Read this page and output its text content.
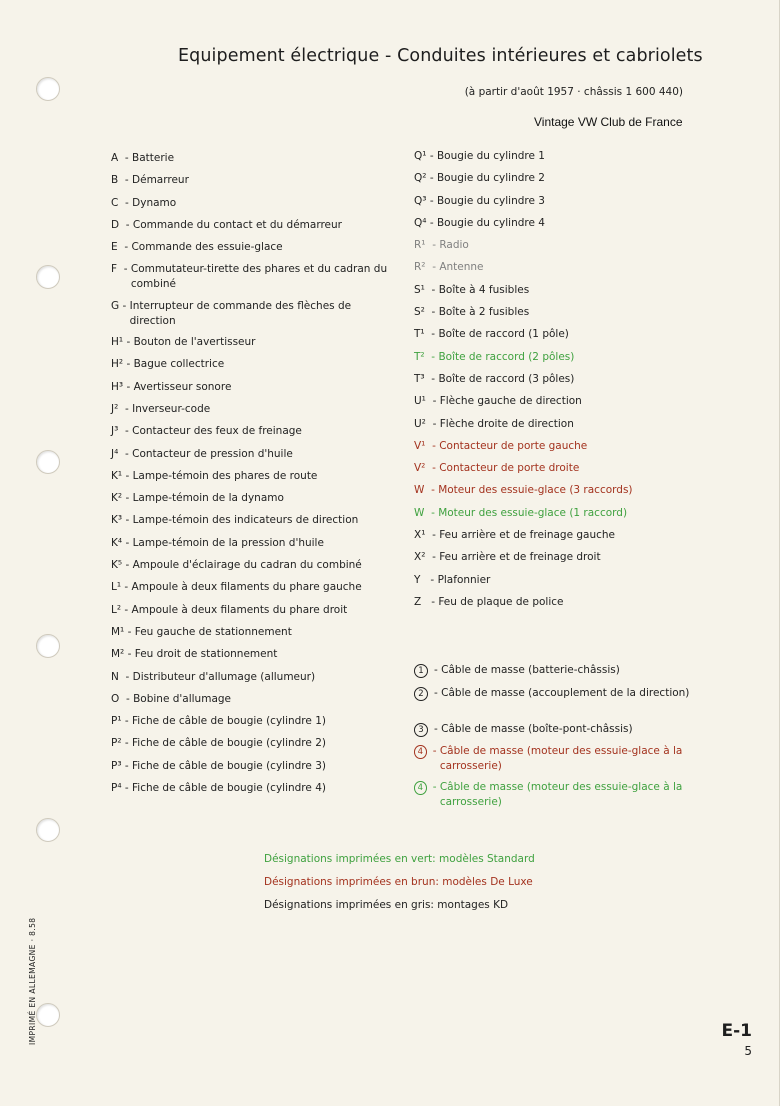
Equipement électrique - Conduites intérieures et cabriolets
(à partir d'août 1957 · châssis 1 600 440)
Vintage VW Club de France
A - Batterie
B - Démarreur
C - Dynamo
D - Commande du contact et du démarreur
E - Commande des essuie-glace
F - Commutateur-tirette des phares et du cadran du combiné
G - Interrupteur de commande des flèches de direction
H¹ - Bouton de l'avertisseur
H² - Bague collectrice
H³ - Avertisseur sonore
J² - Inverseur-code
J³ - Contacteur des feux de freinage
J⁴ - Contacteur de pression d'huile
K¹ - Lampe-témoin des phares de route
K² - Lampe-témoin de la dynamo
K³ - Lampe-témoin des indicateurs de direction
K⁴ - Lampe-témoin de la pression d'huile
K⁵ - Ampoule d'éclairage du cadran du combiné
L¹ - Ampoule à deux filaments du phare gauche
L² - Ampoule à deux filaments du phare droit
M¹ - Feu gauche de stationnement
M² - Feu droit de stationnement
N - Distributeur d'allumage (allumeur)
O - Bobine d'allumage
P¹ - Fiche de câble de bougie (cylindre 1)
P² - Fiche de câble de bougie (cylindre 2)
P³ - Fiche de câble de bougie (cylindre 3)
P⁴ - Fiche de câble de bougie (cylindre 4)
Q¹ - Bougie du cylindre 1
Q² - Bougie du cylindre 2
Q³ - Bougie du cylindre 3
Q⁴ - Bougie du cylindre 4
R¹ - Radio
R² - Antenne
S¹ - Boîte à 4 fusibles
S² - Boîte à 2 fusibles
T¹ - Boîte de raccord (1 pôle)
T² - Boîte de raccord (2 pôles)
T³ - Boîte de raccord (3 pôles)
U¹ - Flèche gauche de direction
U² - Flèche droite de direction
V¹ - Contacteur de porte gauche
V² - Contacteur de porte droite
W - Moteur des essuie-glace (3 raccords)
W - Moteur des essuie-glace (1 raccord)
X¹ - Feu arrière et de freinage gauche
X² - Feu arrière et de freinage droit
Y - Plafonnier
Z - Feu de plaque de police
1 - Câble de masse (batterie-châssis)
2 - Câble de masse (accouplement de la direction)
3 - Câble de masse (boîte-pont-châssis)
4 - Câble de masse (moteur des essuie-glace à la carrosserie)
4 - Câble de masse (moteur des essuie-glace à la carrosserie)
Désignations imprimées en vert: modèles Standard
Désignations imprimées en brun: modèles De Luxe
Désignations imprimées en gris: montages KD
IMPRIMÉ EN ALLEMAGNE · 8.58	E-1
5
